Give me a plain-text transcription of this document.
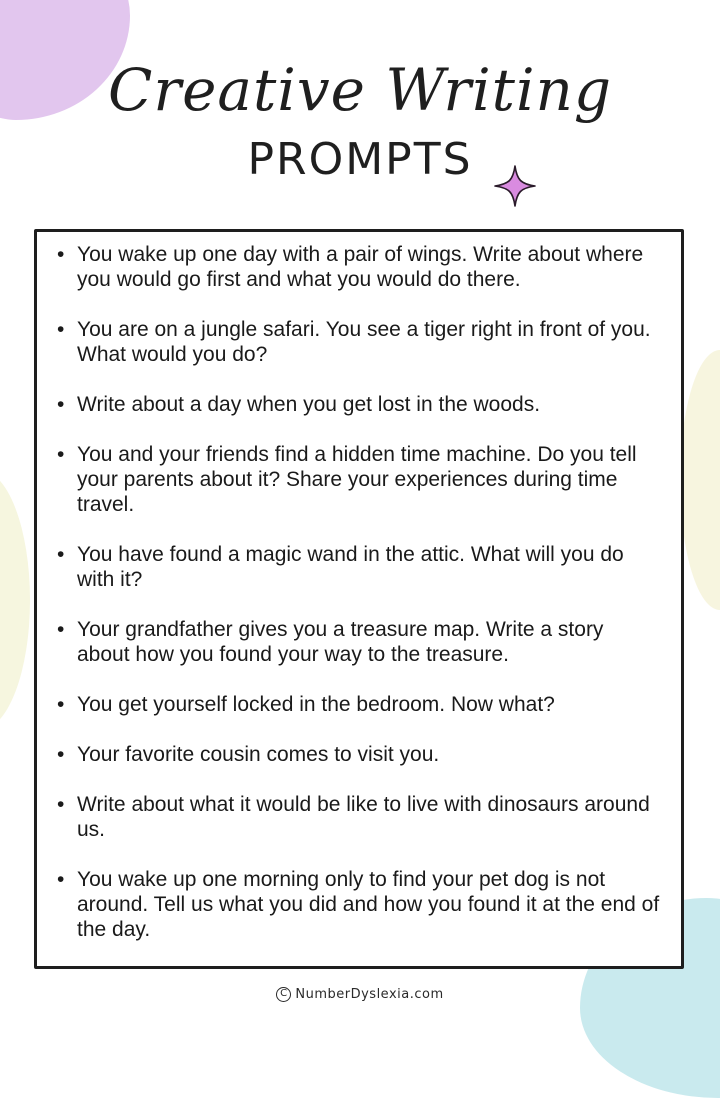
Creative Writing
PROMPTS
• You wake up one day with a pair of wings. Write about where you would go first and what you would do there.
• You are on a jungle safari. You see a tiger right in front of you. What would you do?
• Write about a day when you get lost in the woods.
• You and your friends find a hidden time machine. Do you tell your parents about it? Share your experiences during time travel.
• You have found a magic wand in the attic. What will you do with it?
• Your grandfather gives you a treasure map. Write a story about how you found your way to the treasure.
• You get yourself locked in the bedroom. Now what?
• Your favorite cousin comes to visit you.
• Write about what it would be like to live with dinosaurs around us.
• You wake up one morning only to find your pet dog is not around. Tell us what you did and how you found it at the end of the day.
C NumberDyslexia.com
